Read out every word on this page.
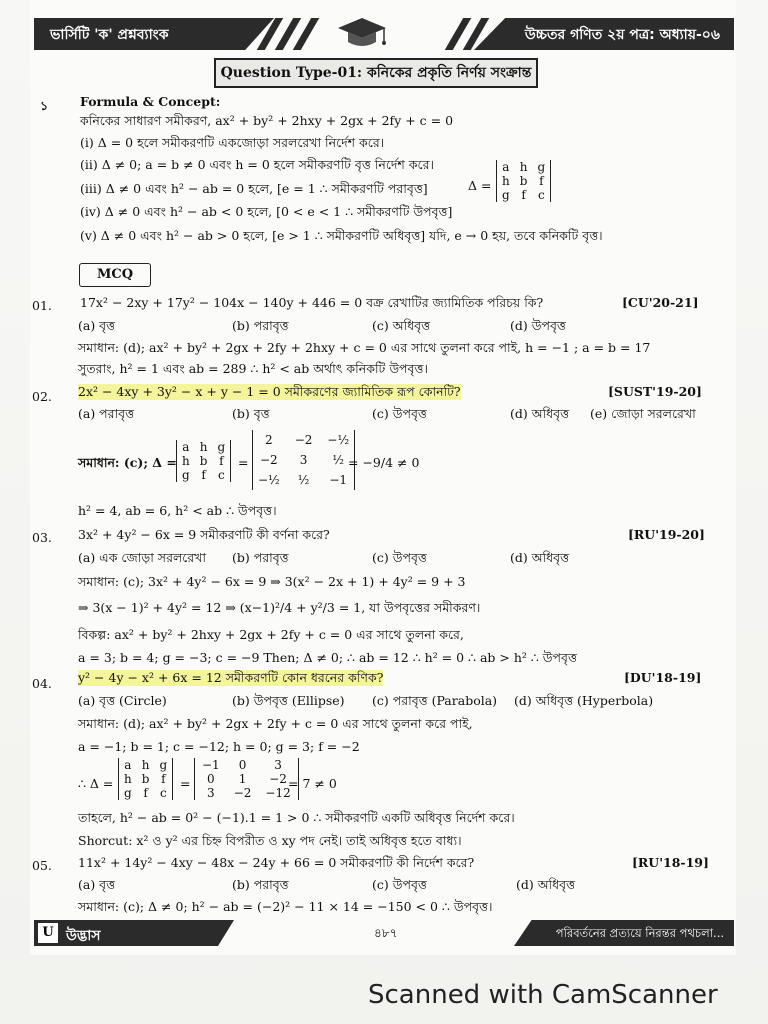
ভার্সিটি 'ক' প্রশ্নব্যাংক	উচ্চতর গণিত ২য় পত্র: অধ্যায়-০৬
Question Type-01: কনিকের প্রকৃতি নির্ণয় সংক্রান্ত
১	Formula & Concept:
কনিকের সাধারণ সমীকরণ, ax² + by² + 2hxy + 2gx + 2fy + c = 0
(i) Δ = 0 হলে সমীকরণটি একজোড়া সরলরেখা নির্দেশ করে।
(ii) Δ ≠ 0; a = b ≠ 0 এবং h = 0 হলে সমীকরণটি বৃত্ত নির্দেশ করে।
(iii) Δ ≠ 0 এবং h² − ab = 0 হলে, [e = 1 ∴ সমীকরণটি পরাবৃত্ত]
(iv) Δ ≠ 0 এবং h² − ab < 0 হলে, [0 < e < 1 ∴ সমীকরণটি উপবৃত্ত]
(v) Δ ≠ 0 এবং h² − ab > 0 হলে, [e > 1 ∴ সমীকরণটি অধিবৃত্ত] যদি, e → 0 হয়, তবে কনিকটি বৃত্ত।
Δ =
a	h	g
h	b	f
g	f	c
MCQ
01. 17x² − 2xy + 17y² − 104x − 140y + 446 = 0 বক্র রেখাটির জ্যামিতিক পরিচয় কি?	[CU'20-21]
(a) বৃত্ত	(b) পরাবৃত্ত	(c) অধিবৃত্ত	(d) উপবৃত্ত
সমাধান: (d); ax² + by² + 2gx + 2fy + 2hxy + c = 0 এর সাথে তুলনা করে পাই, h = −1 ; a = b = 17
সুতরাং, h² = 1 এবং ab = 289 ∴ h² < ab অর্থাৎ কনিকটি উপবৃত্ত।
02. 2x² − 4xy + 3y² − x + y − 1 = 0 সমীকরণের জ্যামিতিক রূপ কোনটি?	[SUST'19-20]
(a) পরাবৃত্ত	(b) বৃত্ত	(c) উপবৃত্ত	(d) অধিবৃত্ত (e) জোড়া সরলরেখা
সমাধান: (c); Δ =
a	h	g
h	b	f
g	f	c
=
2	−2	−½
−2	3	½
−½	½	−1
= −9/4 ≠ 0
h² = 4, ab = 6, h² < ab ∴ উপবৃত্ত।
03. 3x² + 4y² − 6x = 9 সমীকরণটি কী বর্ণনা করে?	[RU'19-20]
(a) এক জোড়া সরলরেখা (b) পরাবৃত্ত	(c) উপবৃত্ত	(d) অধিবৃত্ত
সমাধান: (c); 3x² + 4y² − 6x = 9 ⇒ 3(x² − 2x + 1) + 4y² = 9 + 3
⇒ 3(x − 1)² + 4y² = 12 ⇒ (x−1)²/4 + y²/3 = 1, যা উপবৃত্তের সমীকরণ।
বিকল্প: ax² + by² + 2hxy + 2gx + 2fy + c = 0 এর সাথে তুলনা করে,
a = 3; b = 4; g = −3; c = −9 Then; Δ ≠ 0; ∴ ab = 12 ∴ h² = 0 ∴ ab > h² ∴ উপবৃত্ত
04. y² − 4y − x² + 6x = 12 সমীকরণটি কোন ধরনের কণিক?	[DU'18-19]
(a) বৃত্ত (Circle)	(b) উপবৃত্ত (Ellipse) (c) পরাবৃত্ত (Parabola) (d) অধিবৃত্ত (Hyperbola)
সমাধান: (d); ax² + by² + 2gx + 2fy + c = 0 এর সাথে তুলনা করে পাই,
a = −1; b = 1; c = −12; h = 0; g = 3; f = −2
∴ Δ =
a	h	g
h	b	f
g	f	c
=
−1	0	3
0	1	−2
3	−2	−12
= 7 ≠ 0
তাহলে, h² − ab = 0² − (−1).1 = 1 > 0 ∴ সমীকরণটি একটি অধিবৃত্ত নির্দেশ করে।
Shorcut: x² ও y² এর চিহ্ন বিপরীত ও xy পদ নেই। তাই অধিবৃত্ত হতে বাধ্য।
05. 11x² + 14y² − 4xy − 48x − 24y + 66 = 0 সমীকরণটি কী নির্দেশ করে?	[RU'18-19]
(a) বৃত্ত	(b) পরাবৃত্ত	(c) উপবৃত্ত	(d) অধিবৃত্ত
সমাধান: (c); Δ ≠ 0; h² − ab = (−2)² − 11 × 14 = −150 < 0 ∴ উপবৃত্ত।
U উদ্ভাস	৪৮৭	পরিবর্তনের প্রত্যয়ে নিরন্তর পথচলা...
Scanned with CamScanner
